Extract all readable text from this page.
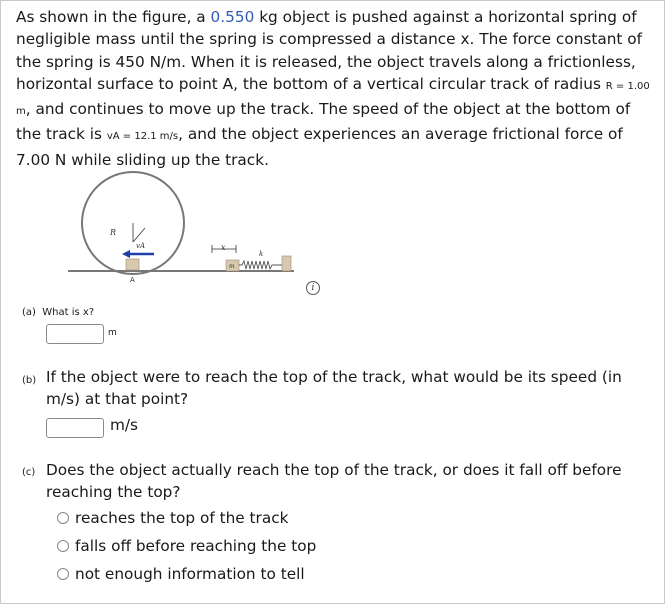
As shown in the figure, a 0.550 kg object is pushed against a horizontal spring of negligible mass until the spring is compressed a distance x. The force constant of the spring is 450 N/m. When it is released, the object travels along a frictionless, horizontal surface to point A, the bottom of a vertical circular track of radius R = 1.00 m, and continues to move up the track. The speed of the object at the bottom of the track is vA = 12.1 m/s, and the object experiences an average frictional force of 7.00 N while sliding up the track.
R
vA
A
x
k
m
i
(a) What is x?
m
(b) If the object were to reach the top of the track, what would be its speed (in m/s) at that point?
m/s
(c) Does the object actually reach the top of the track, or does it fall off before reaching the top?
reaches the top of the track
falls off before reaching the top
not enough information to tell
